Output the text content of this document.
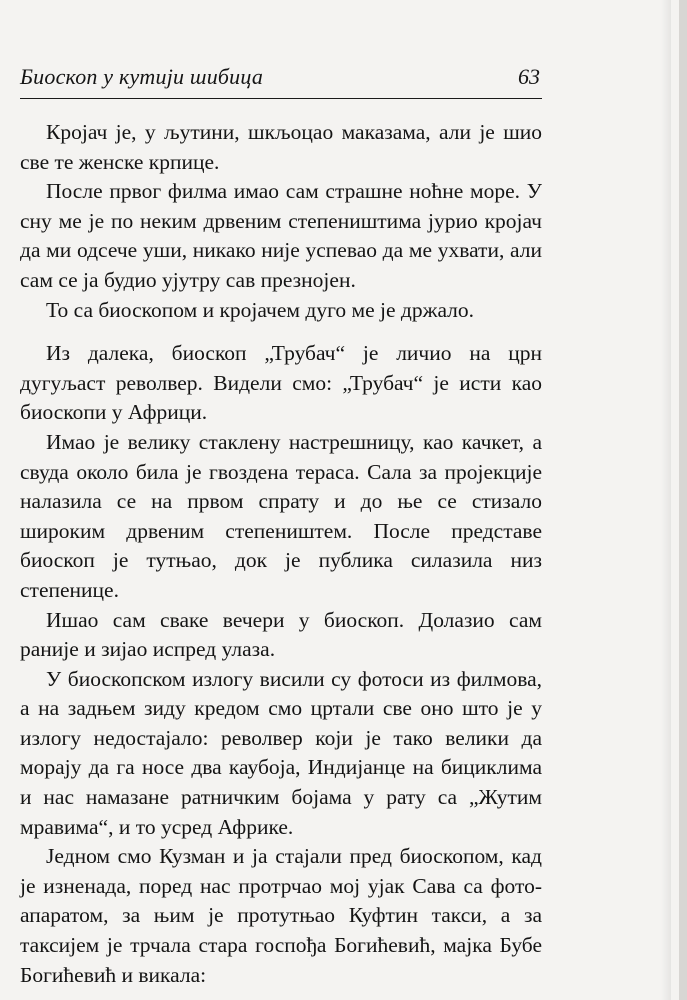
Биоскоп у кутији шибица	63

Кројач је, у љутини, шкљоцао маказама, али је шио све те женске крпице.

После првог филма имао сам страшне ноћне море. У сну ме је по неким дрвеним степеништима јурио кројач да ми одсече уши, никако није успевао да ме ухвати, али сам се ја будио ујутру сав презнојен.

То са биоскопом и кројачем дуго ме је држало.

Из далека, биоскоп „Трубач“ је личио на црн дугуљаст револвер. Видели смо: „Трубач“ је исти као биоскопи у Африци.

Имао је велику стаклену настрешницу, као качкет, а свуда около била је гвоздена тераса. Сала за пројекције налазила се на првом спрату и до ње се стизало широким дрвеним степеништем. После представе биоскоп је тутњао, док је публика силазила низ степенице.

Ишао сам сваке вечери у биоскоп. Долазио сам раније и зијао испред улаза.

У биоскопском излогу висили су фотоси из филмова, а на задњем зиду кредом смо цртали све оно што је у излогу недостајало: револвер који је тако велики да морају да га носе два каубоја, Индијанце на бициклима и нас намазане ратничким бојама у рату са „Жутим мравима“, и то усред Африке.

Једном смо Кузман и ја стајали пред биоскопом, кад је изненада, поред нас протрчао мој ујак Сава са фото-апаратом, за њим је протутњао Куфтин такси, а за таксијем је трчала стара госпођа Богићевић, мајка Бубе Богићевић и викала:
